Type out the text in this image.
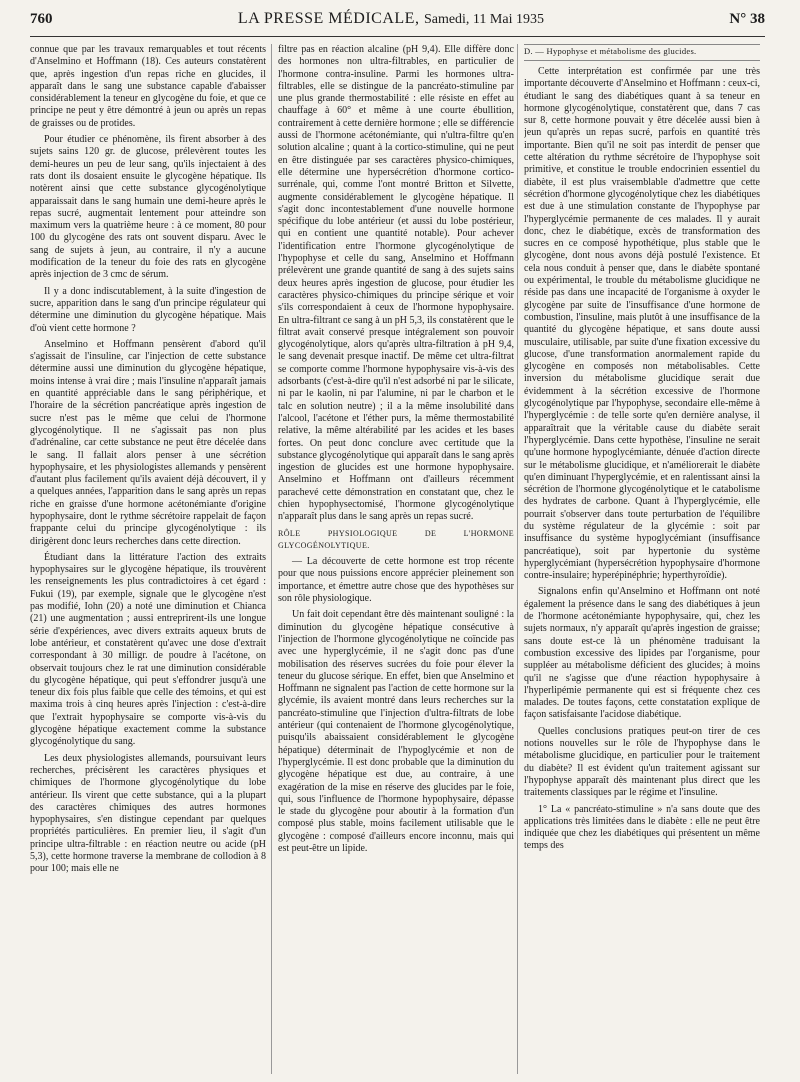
760	LA PRESSE MÉDICALE, Samedi, 11 Mai 1935	N° 38

connue que par les travaux remarquables et tout récents d'Anselmino et Hoffmann (18). Ces auteurs constatèrent que, après ingestion d'un repas riche en glucides, il apparaît dans le sang une substance capable d'abaisser considérablement la teneur en glycogène du foie, et que ce principe ne peut y être démontré à jeun ou après un repas de graisses ou de protides.

Pour étudier ce phénomène, ils firent absorber à des sujets sains 120 gr. de glucose, prélevèrent toutes les demi-heures un peu de leur sang, qu'ils injectaient à des rats dont ils dosaient ensuite le glycogène hépatique. Ils notèrent ainsi que cette substance glycogénolytique apparaissait dans le sang humain une demi-heure après le repas sucré, augmentait lentement pour atteindre son maximum vers la quatrième heure : à ce moment, 80 pour 100 du glycogène des rats ont souvent disparu. Avec le sang de sujets à jeun, au contraire, il n'y a aucune modification de la teneur du foie des rats en glycogène après injection de 3 cmc de sérum.

Il y a donc indiscutablement, à la suite d'ingestion de sucre, apparition dans le sang d'un principe régulateur qui détermine une diminution du glycogène hépatique. Mais d'où vient cette hormone ?

Anselmino et Hoffmann pensèrent d'abord qu'il s'agissait de l'insuline, car l'injection de cette substance détermine aussi une diminution du glycogène hépatique, moins intense à vrai dire ; mais l'insuline n'apparaît jamais en quantité appréciable dans le sang périphérique, et l'horaire de la sécrétion pancréatique après ingestion de sucre n'est pas le même que celui de l'hormone glycogénolytique. Il ne s'agissait pas non plus d'adrénaline, car cette substance ne peut être décelée dans le sang. Il fallait alors penser à une sécrétion hypophysaire, et les physiologistes allemands y pensèrent d'autant plus facilement qu'ils avaient déjà découvert, il y a quelques années, l'apparition dans le sang après un repas riche en graisse d'une hormone acétonémiante d'origine hypophysaire, dont le rythme sécrétoire rappelait de façon frappante celui du principe glycogénolytique : ils dirigèrent donc leurs recherches dans cette direction.

Étudiant dans la littérature l'action des extraits hypophysaires sur le glycogène hépatique, ils trouvèrent les renseignements les plus contradictoires à cet égard : Fukui (19), par exemple, signale que le glycogène n'est pas modifié, Iohn (20) a noté une diminution et Chianca (21) une augmentation ; aussi entreprirent-ils une longue série d'expériences, avec divers extraits aqueux bruts de lobe antérieur, et constatèrent qu'avec une dose d'extrait correspondant à 30 milligr. de poudre à l'acétone, on observait toujours chez le rat une diminution considérable du glycogène hépatique, qui peut s'effondrer jusqu'à une teneur dix fois plus faible que celle des témoins, et qui est maxima trois à cinq heures après l'injection : c'est-à-dire que l'extrait hypophysaire se comporte vis-à-vis du glycogène hépatique exactement comme la substance glycogénolytique du sang.

Les deux physiologistes allemands, poursuivant leurs recherches, précisèrent les caractères physiques et chimiques de l'hormone glycogénolytique du lobe antérieur. Ils virent que cette substance, qui a la plupart des caractères chimiques des autres hormones hypophysaires, s'en distingue cependant par quelques propriétés particulières. En premier lieu, il s'agit d'un principe ultra-filtrable : en réaction neutre ou acide (pH 5,3), cette hormone traverse la membrane de collodion à 8 pour 100; mais elle ne

filtre pas en réaction alcaline (pH 9,4). Elle diffère donc des hormones non ultra-filtrables, en particulier de l'hormone contra-insuline. Parmi les hormones ultra-filtrables, elle se distingue de la pancréato-stimuline par une plus grande thermostabilité : elle résiste en effet au chauffage à 60° et même à une courte ébullition, contrairement à cette dernière hormone ; elle se différencie aussi de l'hormone acétonémiante, qui n'ultra-filtre qu'en solution alcaline ; quant à la cortico-stimuline, qui ne peut en être distinguée par ses caractères physico-chimiques, elle détermine une hypersécrétion d'hormone cortico-surrénale, qui, comme l'ont montré Britton et Silvette, augmente considérablement le glycogène hépatique. Il s'agit donc incontestablement d'une nouvelle hormone spécifique du lobe antérieur (et aussi du lobe postérieur, qui en contient une quantité notable). Pour achever l'identification entre l'hormone glycogénolytique de l'hypophyse et celle du sang, Anselmino et Hoffmann prélevèrent une grande quantité de sang à des sujets sains deux heures après ingestion de glucose, pour étudier les caractères physico-chimiques du principe sérique et voir s'ils correspondaient à ceux de l'hormone hypophysaire. En ultra-filtrant ce sang à un pH 5,3, ils constatèrent que le filtrat avait conservé presque intégralement son pouvoir glycogénolytique, alors qu'après ultra-filtration à pH 9,4, le sang devenait presque inactif. De même cet ultra-filtrat se comporte comme l'hormone hypophysaire vis-à-vis des adsorbants (c'est-à-dire qu'il n'est adsorbé ni par le silicate, ni par le kaolin, ni par l'alumine, ni par le charbon et le talc en solution neutre) ; il a la même insolubilité dans l'alcool, l'acétone et l'éther purs, la même thermostabilité relative, la même altérabilité par les acides et les bases fortes. On peut donc conclure avec certitude que la substance glycogénolytique qui apparaît dans le sang après ingestion de glucides est une hormone hypophysaire. Anselmino et Hoffmann ont d'ailleurs récemment parachevé cette démonstration en constatant que, chez le chien hypophysectomisé, l'hormone glycogénolytique n'apparaît plus dans le sang après un repas sucré.

RÔLE PHYSIOLOGIQUE DE L'HORMONE GLYCOGÉNOLYTIQUE.

— La découverte de cette hormone est trop récente pour que nous puissions encore apprécier pleinement son importance, et émettre autre chose que des hypothèses sur son rôle physiologique.

Un fait doit cependant être dès maintenant souligné : la diminution du glycogène hépatique consécutive à l'injection de l'hormone glycogénolytique ne coïncide pas avec une hyperglycémie, il ne s'agit donc pas d'une mobilisation des réserves sucrées du foie pour élever la teneur du glucose sérique. En effet, bien que Anselmino et Hoffmann ne signalent pas l'action de cette hormone sur la glycémie, ils avaient montré dans leurs recherches sur la pancréato-stimuline que l'injection d'ultra-filtrats de lobe antérieur (qui contenaient de l'hormone glycogénolytique, puisqu'ils abaissaient considérablement le glycogène hépatique) déterminait de l'hypoglycémie et non de l'hyperglycémie. Il est donc probable que la diminution du glycogène hépatique est due, au contraire, à une exagération de la mise en réserve des glucides par le foie, qui, sous l'influence de l'hormone hypophysaire, dépasse le stade du glycogène pour aboutir à la formation d'un composé plus stable, moins facilement utilisable que le glycogène : composé d'ailleurs encore inconnu, mais qui est peut-être un lipide.

D. — Hypophyse et métabolisme des glucides.

Cette interprétation est confirmée par une très importante découverte d'Anselmino et Hoffmann : ceux-ci, étudiant le sang des diabétiques quant à sa teneur en hormone glycogénolytique, constatèrent que, dans 7 cas sur 8, cette hormone pouvait y être décelée aussi bien à jeun qu'après un repas sucré, parfois en quantité très importante. Bien qu'il ne soit pas interdit de penser que cette altération du rythme sécrétoire de l'hypophyse soit primitive, et constitue le trouble endocrinien essentiel du diabète, il est plus vraisemblable d'admettre que cette sécrétion d'hormone glycogénolytique chez les diabétiques est due à une stimulation constante de l'hypophyse par l'hyperglycémie permanente de ces malades. Il y aurait donc, chez le diabétique, excès de transformation des sucres en ce composé hypothétique, plus stable que le glycogène, dont nous avons déjà postulé l'existence. Et cela nous conduit à penser que, dans le diabète spontané ou expérimental, le trouble du métabolisme glucidique ne réside pas dans une incapacité de l'organisme à oxyder le glycogène par suite de l'insuffisance d'une hormone de combustion, l'insuline, mais plutôt à une insuffisance de la quantité du glycogène hépatique, et sans doute aussi musculaire, utilisable, par suite d'une fixation excessive du glucose, d'une transformation anormalement rapide du glycogène en composés non métabolisables. Cette inversion du métabolisme glucidique serait due évidemment à la sécrétion excessive de l'hormone glycogénolytique par l'hypophyse, secondaire elle-même à l'hyperglycémie : de telle sorte qu'en dernière analyse, il apparaîtrait que la véritable cause du diabète serait l'hyperglycémie. Dans cette hypothèse, l'insuline ne serait qu'une hormone hypoglycémiante, dénuée d'action directe sur le métabolisme glucidique, et n'améliorerait le diabète qu'en diminuant l'hyperglycémie, et en ralentissant ainsi la sécrétion de l'hormone glycogénolytique et le catabolisme des hydrates de carbone. Quant à l'hyperglycémie, elle pourrait s'observer dans toute perturbation de l'équilibre du système régulateur de la glycémie : soit par insuffisance du système hypoglycémiant (insuffisance pancréatique), soit par hypertonie du système hyperglycémiant (hypersécrétion hypophysaire d'hormone contre-insulaire; hyperépinéphrie; hyperthyroïdie).

Signalons enfin qu'Anselmino et Hoffmann ont noté également la présence dans le sang des diabétiques à jeun de l'hormone acétonémiante hypophysaire, qui, chez les sujets normaux, n'y apparaît qu'après ingestion de graisse; sans doute est-ce là un phénomène traduisant la combustion excessive des lipides par l'organisme, pour suppléer au métabolisme déficient des glucides; à moins qu'il ne s'agisse que d'une réaction hypophysaire à l'hyperlipémie permanente qui est si fréquente chez ces malades. De toutes façons, cette constatation explique de façon satisfaisante l'acidose diabétique.

Quelles conclusions pratiques peut-on tirer de ces notions nouvelles sur le rôle de l'hypophyse dans le métabolisme glucidique, en particulier pour le traitement du diabète? Il est évident qu'un traitement agissant sur l'hypophyse apparaît dès maintenant plus direct que les traitements classiques par le régime et l'insuline.

1° La « pancréato-stimuline » n'a sans doute que des applications très limitées dans le diabète : elle ne peut être indiquée que chez les diabétiques qui présentent un même temps des
